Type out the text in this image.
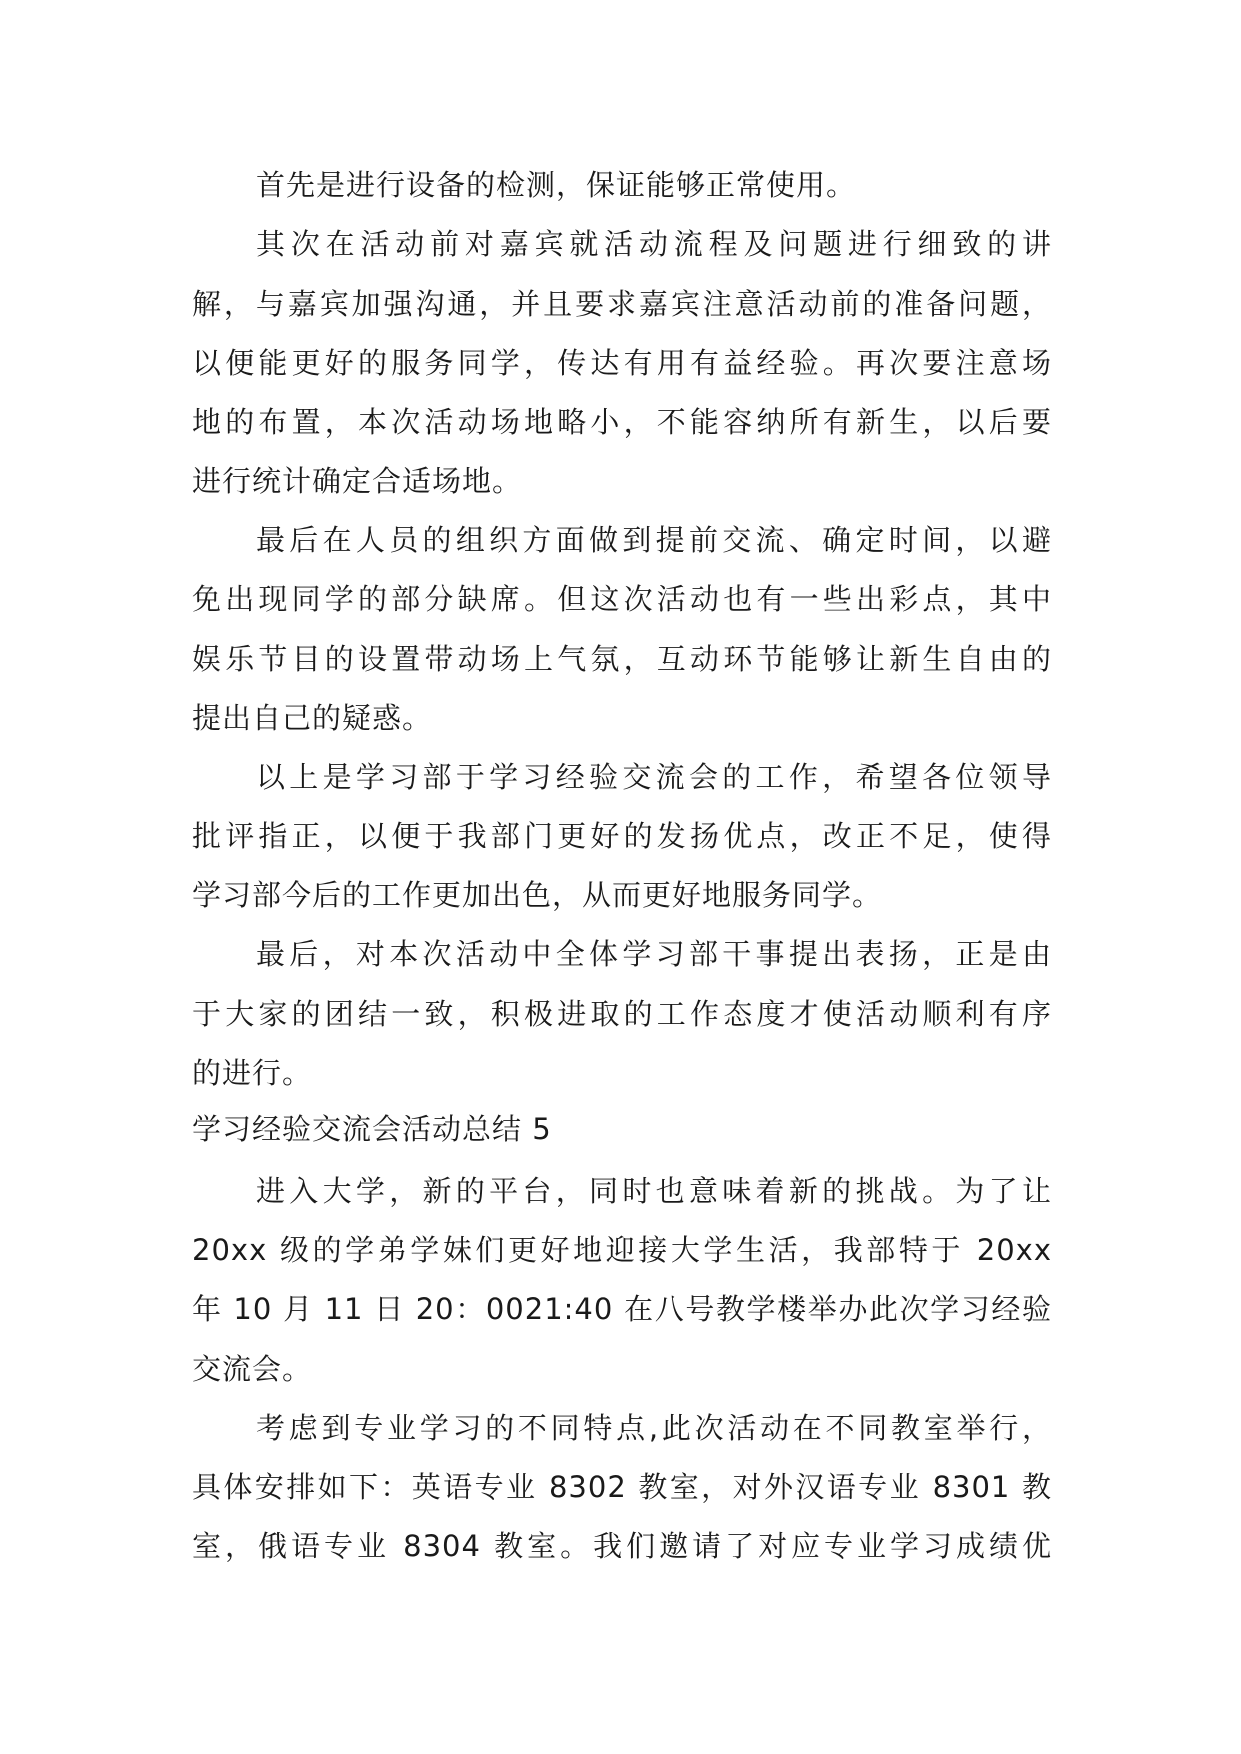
首先是进行设备的检测，保证能够正常使用。
其次在活动前对嘉宾就活动流程及问题进行细致的讲
解，与嘉宾加强沟通，并且要求嘉宾注意活动前的准备问题，
以便能更好的服务同学，传达有用有益经验。再次要注意场
地的布置，本次活动场地略小，不能容纳所有新生，以后要
进行统计确定合适场地。
最后在人员的组织方面做到提前交流、确定时间，以避
免出现同学的部分缺席。但这次活动也有一些出彩点，其中
娱乐节目的设置带动场上气氛，互动环节能够让新生自由的
提出自己的疑惑。
以上是学习部于学习经验交流会的工作，希望各位领导
批评指正，以便于我部门更好的发扬优点，改正不足，使得
学习部今后的工作更加出色，从而更好地服务同学。
最后，对本次活动中全体学习部干事提出表扬，正是由
于大家的团结一致，积极进取的工作态度才使活动顺利有序
的进行。
学习经验交流会活动总结 5
进入大学，新的平台，同时也意味着新的挑战。为了让
20xx 级的学弟学妹们更好地迎接大学生活，我部特于 20xx
年 10 月 11 日 20：0021:40 在八号教学楼举办此次学习经验
交流会。
考虑到专业学习的不同特点,此次活动在不同教室举行，
具体安排如下：英语专业 8302 教室，对外汉语专业 8301 教
室，俄语专业 8304 教室。我们邀请了对应专业学习成绩优
